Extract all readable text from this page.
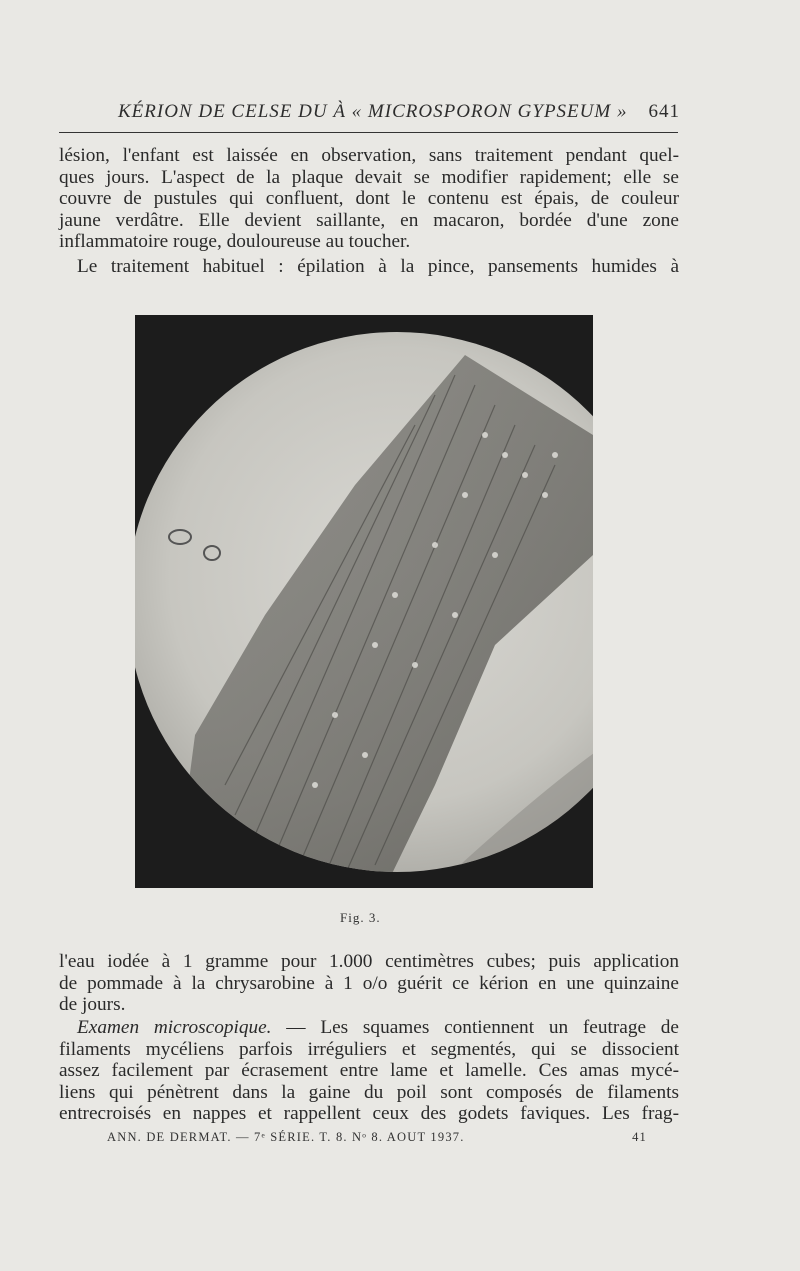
KÉRION DE CELSE DU À « MICROSPORON GYPSEUM » 641
lésion, l'enfant est laissée en observation, sans traitement pendant quel-
ques jours. L'aspect de la plaque devait se modifier rapidement; elle se
couvre de pustules qui confluent, dont le contenu est épais, de couleur
jaune verdâtre. Elle devient saillante, en macaron, bordée d'une zone
inflammatoire rouge, douloureuse au toucher.
Le traitement habituel : épilation à la pince, pansements humides à
Fig. 3.
l'eau iodée à 1 gramme pour 1.000 centimètres cubes; puis application
de pommade à la chrysarobine à 1 o/o guérit ce kérion en une quinzaine
de jours.
Examen microscopique. — Les squames contiennent un feutrage de
filaments mycéliens parfois irréguliers et segmentés, qui se dissocient
assez facilement par écrasement entre lame et lamelle. Ces amas mycé-
liens qui pénètrent dans la gaine du poil sont composés de filaments
entrecroisés en nappes et rappellent ceux des godets faviques. Les frag-
ANN. DE DERMAT. — 7ᵉ SÉRIE. T. 8. Nᵒ 8. AOUT 1937.	41
